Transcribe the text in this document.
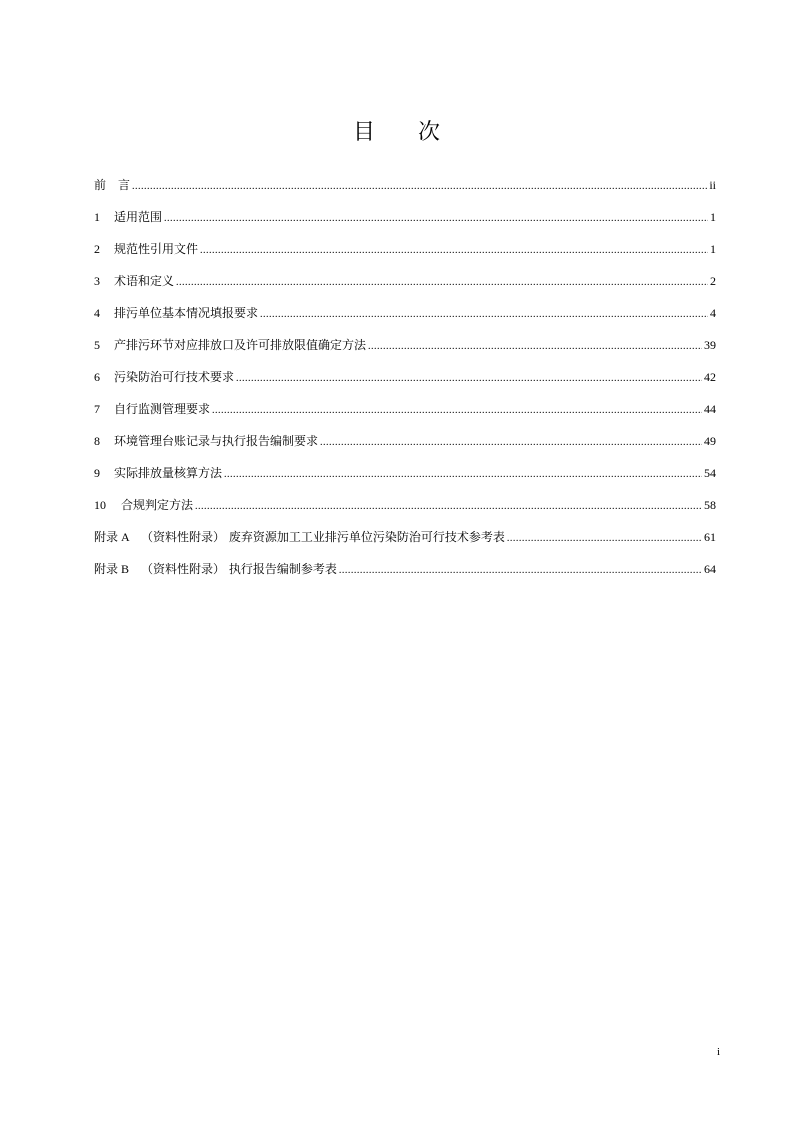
目 次
前 言 .....	ii
1 适用范围 .....	1
2 规范性引用文件 .....	1
3 术语和定义 .....	2
4 排污单位基本情况填报要求 .....	4
5 产排污环节对应排放口及许可排放限值确定方法 .....	39
6 污染防治可行技术要求 .....	42
7 自行监测管理要求 .....	44
8 环境管理台账记录与执行报告编制要求 .....	49
9 实际排放量核算方法 .....	54
10 合规判定方法 .....	58
附录 A （资料性附录） 废弃资源加工工业排污单位污染防治可行技术参考表 .....	61
附录 B （资料性附录） 执行报告编制参考表 .....	64
i
